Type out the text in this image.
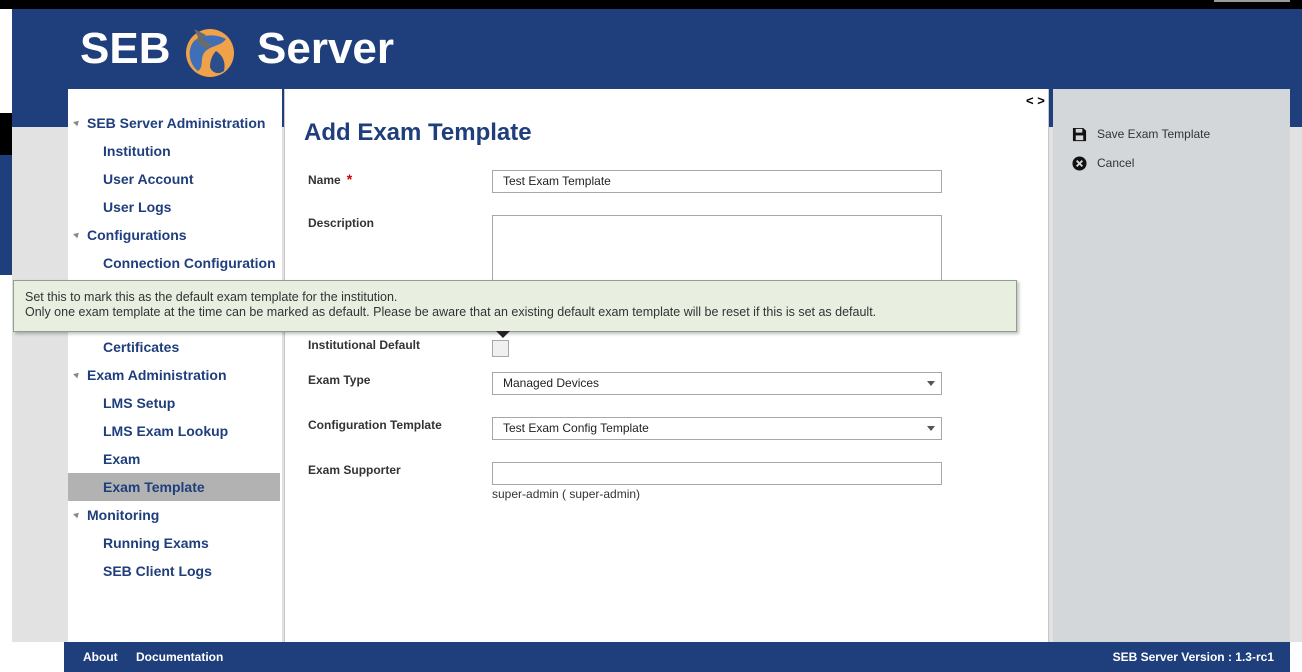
SEB Server
SEB Server Administration
Institution
User Account
User Logs
Configurations
Connection Configuration
Certificates
Exam Administration
LMS Setup
LMS Exam Lookup
Exam
Exam Template
Monitoring
Running Exams
SEB Client Logs
< >
Add Exam Template
Name *	Test Exam Template
Description
Institutional Default
Exam Type	Managed Devices
Configuration Template	Test Exam Config Template
Exam Supporter
super-admin ( super-admin)
Save Exam Template
Cancel
Set this to mark this as the default exam template for the institution.
Only one exam template at the time can be marked as default. Please be aware that an existing default exam template will be reset if this is set as default.
About Documentation	SEB Server Version : 1.3-rc1
